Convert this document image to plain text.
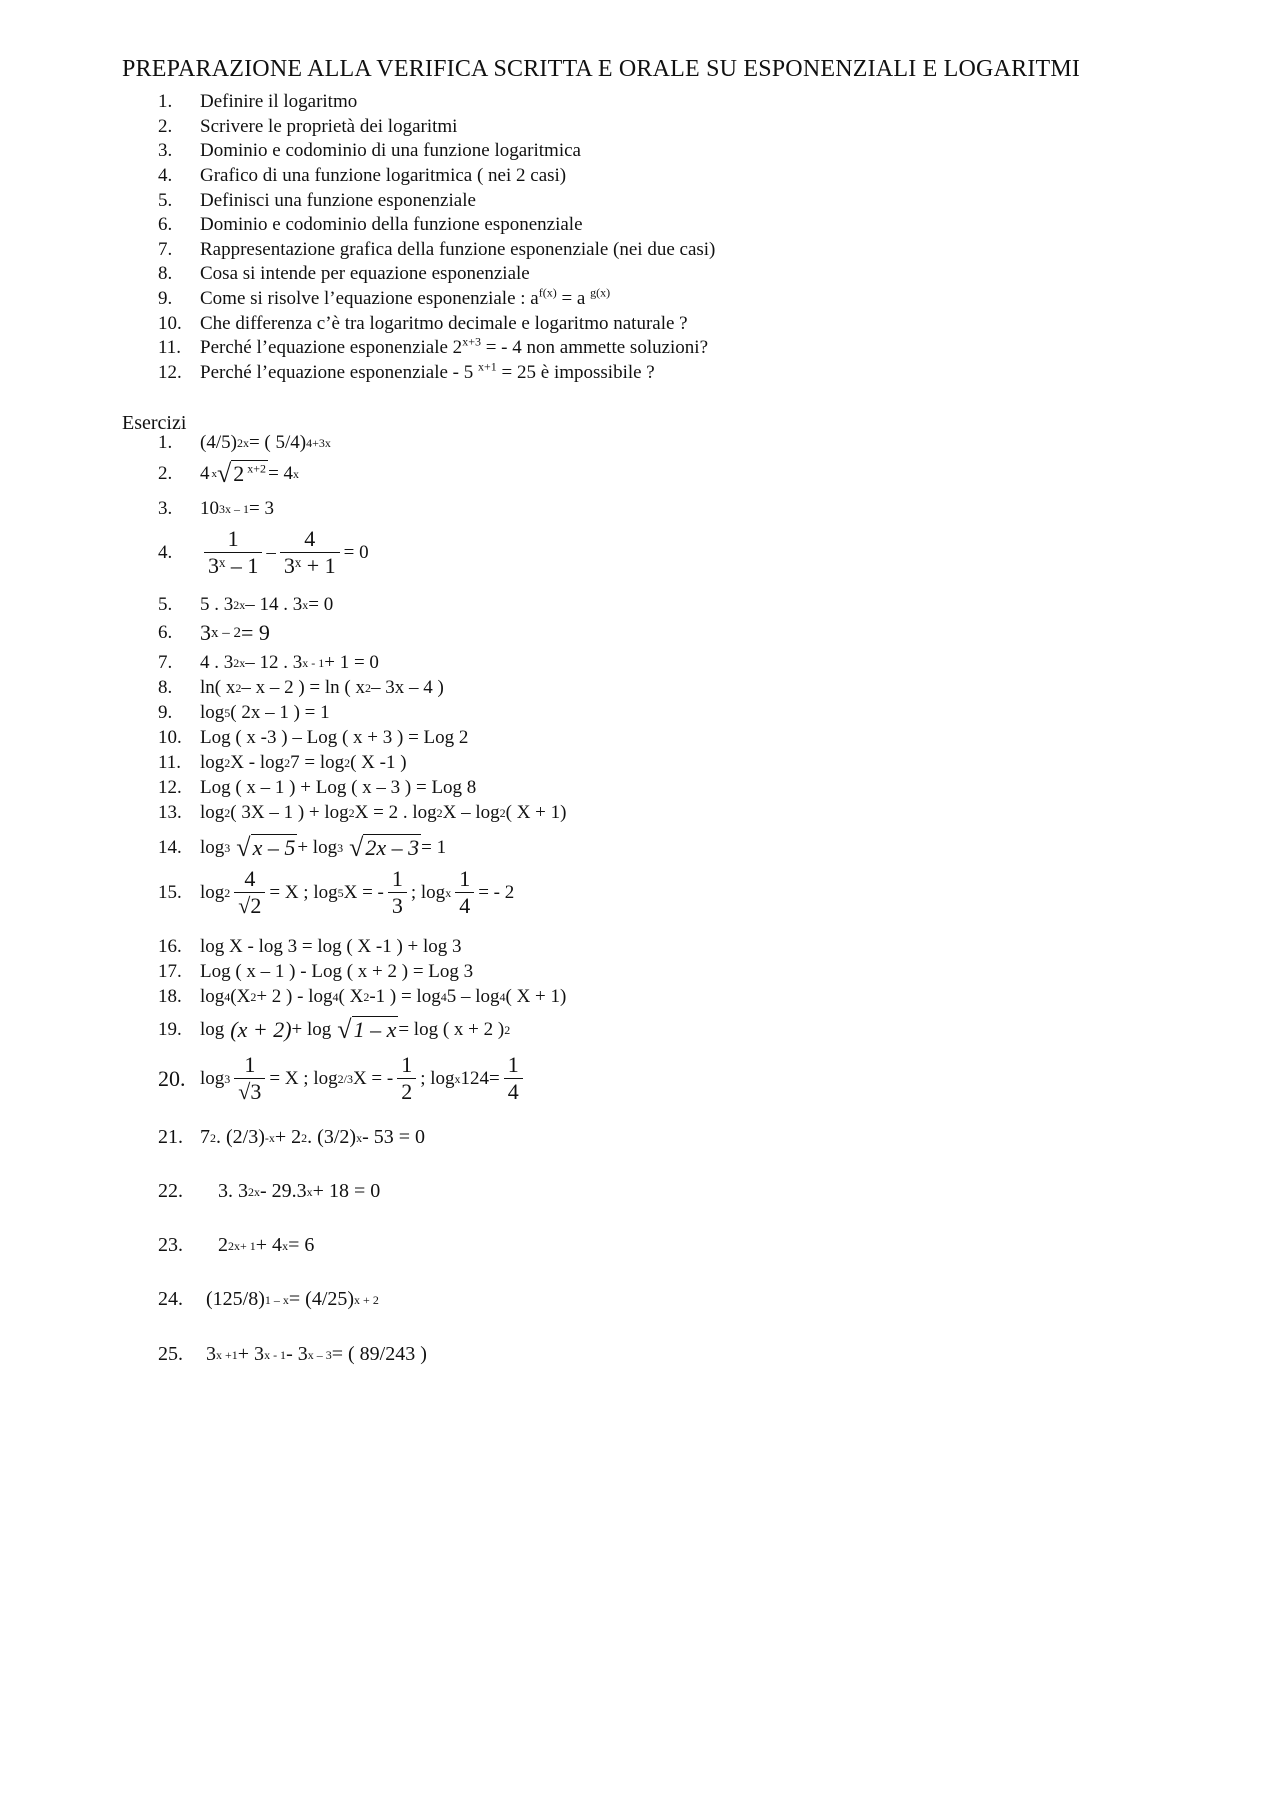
PREPARAZIONE ALLA VERIFICA SCRITTA E ORALE SU ESPONENZIALI E LOGARITMI
1.	Definire il logaritmo
2.	Scrivere le proprietà dei logaritmi
3.	Dominio e codominio di una funzione logaritmica
4.	Grafico di una funzione logaritmica ( nei 2 casi)
5.	Definisci una funzione esponenziale
6.	Dominio e codominio della funzione esponenziale
7.	Rappresentazione grafica della funzione esponenziale (nei due casi)
8.	Cosa si intende per equazione esponenziale
9.	Come si risolve l’equazione esponenziale : $a^{f(x)} = a$ $^{g(x)}$
10. Che differenza c’è tra logaritmo decimale e logaritmo naturale ?
11. Perché l’equazione esponenziale $2^{x+3}$ = - 4 non ammette soluzioni?
12. Perché l’equazione esponenziale - 5 $^{x+1}$ = 25 è impossibile ?
Esercizi
1.	(4/5) 2x = ( 5/4) 4+3x
2.	4 x √ 2 $^{x+2}$ = 4 x
3.	10 3x – 1 = 3
4.	$\frac{1}{\text{3ˣ – 1}} - \frac{4}{\text{3ˣ + 1}} = 0$
5.	5 . 3 2x – 14 . 3 x = 0
6.	3 x – 2 = 9
7.	4 . 3 2x – 12 . 3 x - 1 + 1 = 0
8.	ln( x 2 – x – 2 ) = ln ( x 2 – 3x – 4 )
9.	log 5 ( 2x – 1 ) = 1
10. Log ( x -3 ) – Log ( x + 3 ) = Log 2
11. log 2 X - log 2 7 = log 2 ( X -1 )
12. Log ( x – 1 ) + Log ( x – 3 ) = Log 8
13. log 2 ( 3X – 1 ) + log 2 X = 2 . log 2 X – log 2 ( X + 1)
14. log 3 √ x – 5 + log 3 √ 2x – 3 = 1
15. $\log 2 \frac{4}{√2} = X$ ; log 5 X = - $\frac{1}{3}$ ; log x $\frac{1}{4}$ = - 2
16. log X - log 3 = log ( X -1 ) + log 3
17. Log ( x – 1 ) - Log ( x + 2 ) = Log 3
18. log 4 (X 2 + 2 ) - log 4 ( X 2 -1 ) = log 4 5 – log 4 ( X + 1)
19. log (x + 2) + log √ 1 – x = log ( x + 2 ) 2
20. $\log 3 \frac{1}{√3} = X$ ; log 2/3 X = - $\frac{1}{2}$ ; log x $124= \frac{1}{4}$
21. 7 2 . (2/3) -x + 2 2 . (3/2) x - 53 = 0
22.	3. 3 2x - 29.3 x + 18 = 0
23.	2 2x+ 1 + 4 x = 6
24.	(125/8) 1 – x = (4/25) x + 2
25.	3 x +1 + 3 x - 1 - 3 x – 3 = ( 89/243 )
